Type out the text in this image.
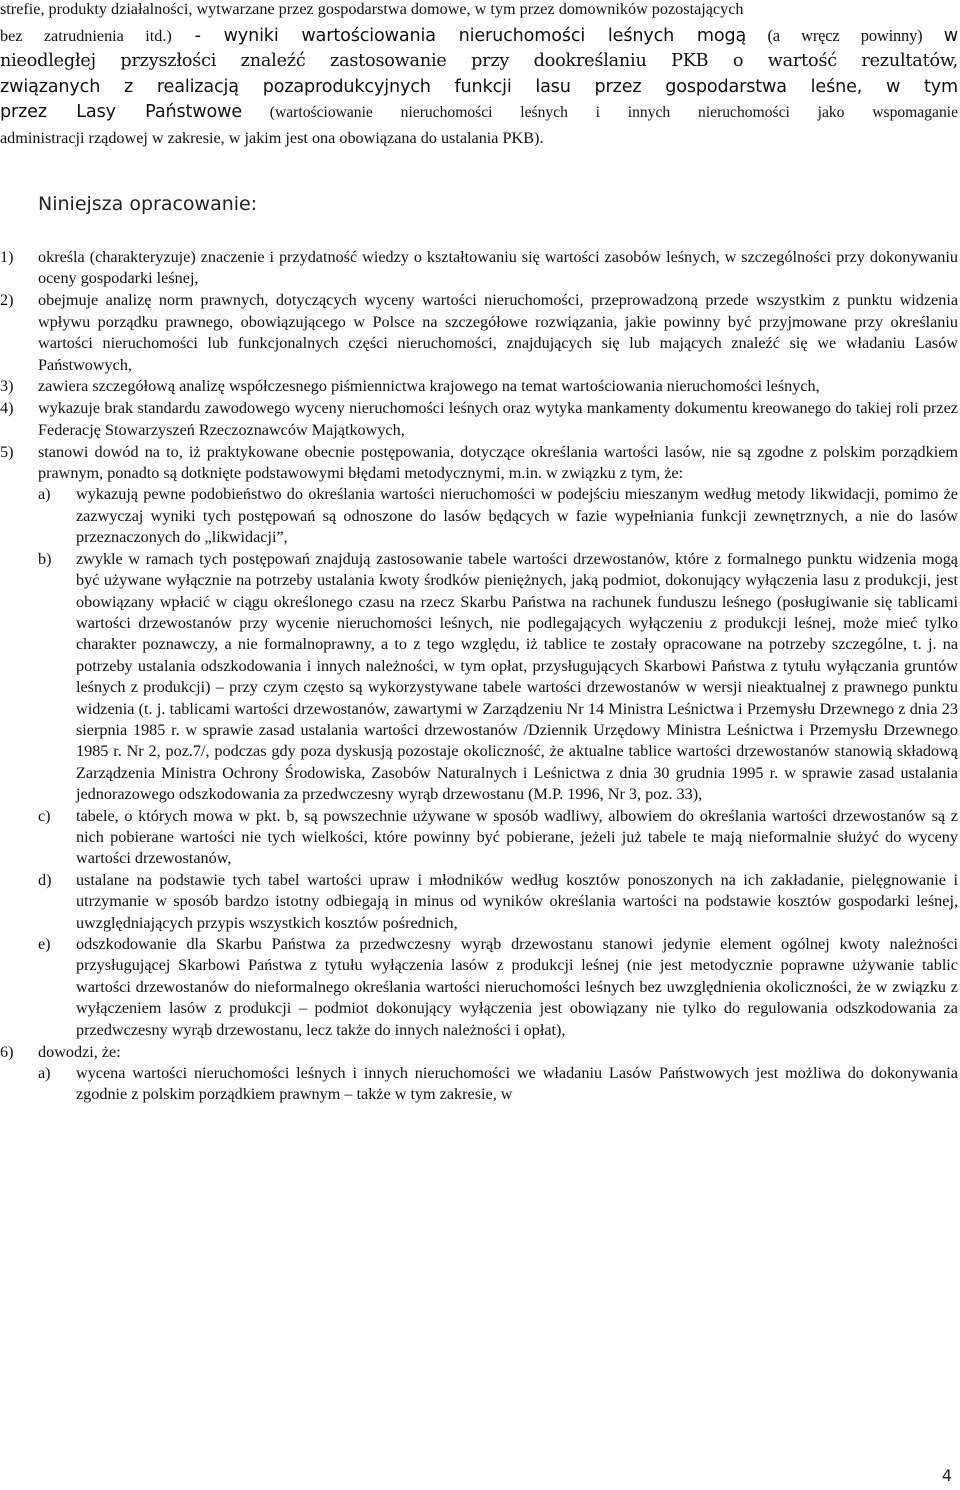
strefie, produkty działalności, wytwarzane przez gospodarstwa domowe, w tym przez domowników pozostających

bez zatrudnienia itd.) - wyniki wartościowania nieruchomości leśnych mogą (a wręcz powinny) w

nieodległej przyszłości znaleźć zastosowanie przy dookreślaniu PKB o wartość rezultatów,

związanych z realizacją pozaprodukcyjnych funkcji lasu przez gospodarstwa leśne, w tym

przez Lasy Państwowe (wartościowanie nieruchomości leśnych i innych nieruchomości jako wspomaganie

administracji rządowej w zakresie, w jakim jest ona obowiązana do ustalania PKB).

Niniejsza opracowanie:
1) określa (charakteryzuje) znaczenie i przydatność wiedzy o kształtowaniu się wartości zasobów leśnych, w szczególności przy dokonywaniu oceny gospodarki leśnej,
2) obejmuje analizę norm prawnych, dotyczących wyceny wartości nieruchomości, przeprowadzoną przede wszystkim z punktu widzenia wpływu porządku prawnego, obowiązującego w Polsce na szczegółowe rozwiązania, jakie powinny być przyjmowane przy określaniu wartości nieruchomości lub funkcjonalnych części nieruchomości, znajdujących się lub mających znaleźć się we władaniu Lasów Państwowych,
3) zawiera szczegółową analizę współczesnego piśmiennictwa krajowego na temat wartościowania nieruchomości leśnych,
4) wykazuje brak standardu zawodowego wyceny nieruchomości leśnych oraz wytyka mankamenty dokumentu kreowanego do takiej roli przez Federację Stowarzyszeń Rzeczoznawców Majątkowych,
5) stanowi dowód na to, iż praktykowane obecnie postępowania, dotyczące określania wartości lasów, nie są zgodne z polskim porządkiem prawnym, ponadto są dotknięte podstawowymi błędami metodycznymi, m.in. w związku z tym, że:
a) wykazują pewne podobieństwo do określania wartości nieruchomości w podejściu mieszanym według metody likwidacji, pomimo że zazwyczaj wyniki tych postępowań są odnoszone do lasów będących w fazie wypełniania funkcji zewnętrznych, a nie do lasów przeznaczonych do „likwidacji”,
b) zwykle w ramach tych postępowań znajdują zastosowanie tabele wartości drzewostanów, które z formalnego punktu widzenia mogą być używane wyłącznie na potrzeby ustalania kwoty środków pieniężnych, jaką podmiot, dokonujący wyłączenia lasu z produkcji, jest obowiązany wpłacić w ciągu określonego czasu na rzecz Skarbu Państwa na rachunek funduszu leśnego (posługiwanie się tablicami wartości drzewostanów przy wycenie nieruchomości leśnych, nie podlegających wyłączeniu z produkcji leśnej, może mieć tylko charakter poznawczy, a nie formalnoprawny, a to z tego względu, iż tablice te zostały opracowane na potrzeby szczególne, t. j. na potrzeby ustalania odszkodowania i innych należności, w tym opłat, przysługujących Skarbowi Państwa z tytułu wyłączania gruntów leśnych z produkcji) – przy czym często są wykorzystywane tabele wartości drzewostanów w wersji nieaktualnej z prawnego punktu widzenia (t. j. tablicami wartości drzewostanów, zawartymi w Zarządzeniu Nr 14 Ministra Leśnictwa i Przemysłu Drzewnego z dnia 23 sierpnia 1985 r. w sprawie zasad ustalania wartości drzewostanów /Dziennik Urzędowy Ministra Leśnictwa i Przemysłu Drzewnego 1985 r. Nr 2, poz.7/, podczas gdy poza dyskusją pozostaje okoliczność, że aktualne tablice wartości drzewostanów stanowią składową Zarządzenia Ministra Ochrony Środowiska, Zasobów Naturalnych i Leśnictwa z dnia 30 grudnia 1995 r. w sprawie zasad ustalania jednorazowego odszkodowania za przedwczesny wyrąb drzewostanu (M.P. 1996, Nr 3, poz. 33),
c) tabele, o których mowa w pkt. b, są powszechnie używane w sposób wadliwy, albowiem do określania wartości drzewostanów są z nich pobierane wartości nie tych wielkości, które powinny być pobierane, jeżeli już tabele te mają nieformalnie służyć do wyceny wartości drzewostanów,
d) ustalane na podstawie tych tabel wartości upraw i młodników według kosztów ponoszonych na ich zakładanie, pielęgnowanie i utrzymanie w sposób bardzo istotny odbiegają in minus od wyników określania wartości na podstawie kosztów gospodarki leśnej, uwzględniających przypis wszystkich kosztów pośrednich,
e) odszkodowanie dla Skarbu Państwa za przedwczesny wyrąb drzewostanu stanowi jedynie element ogólnej kwoty należności przysługującej Skarbowi Państwa z tytułu wyłączenia lasów z produkcji leśnej (nie jest metodycznie poprawne używanie tablic wartości drzewostanów do nieformalnego określania wartości nieruchomości leśnych bez uwzględnienia okoliczności, że w związku z wyłączeniem lasów z produkcji – podmiot dokonujący wyłączenia jest obowiązany nie tylko do regulowania odszkodowania za przedwczesny wyrąb drzewostanu, lecz także do innych należności i opłat),
6) dowodzi, że:
a) wycena wartości nieruchomości leśnych i innych nieruchomości we władaniu Lasów Państwowych jest możliwa do dokonywania zgodnie z polskim porządkiem prawnym – także w tym zakresie, w
4
